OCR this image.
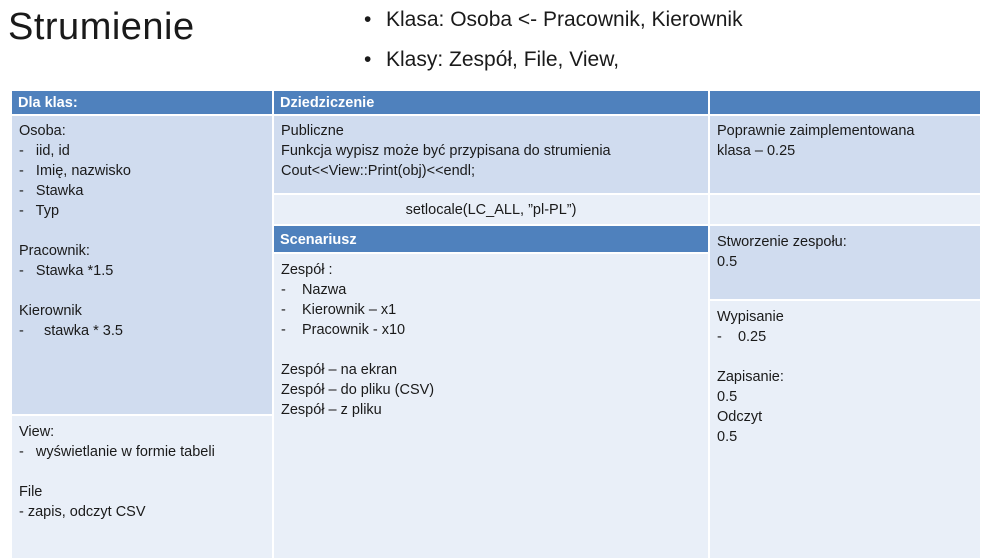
Strumienie
•	Klasa: Osoba <- Pracownik, Kierownik
• Klasy: Zespół, File, View,
Dla klas:	Dziedziczenie
Osoba:
-   iid, id
-   Imię, nazwisko
-   Stawka
-   Typ
Pracownik:
-   Stawka *1.5
Kierownik
-     stawka * 3.5
View:
-   wyświetlanie w formie tabeli
File
- zapis, odczyt CSV
Publiczne
Funkcja wypisz może być przypisana do strumienia
Cout<<View::Print(obj)<<endl;
setlocale(LC_ALL, ”pl-PL”)
Scenariusz
Zespół :
-    Nazwa
-    Kierownik – x1
-    Pracownik - x10
Zespół – na ekran
Zespół – do pliku (CSV)
Zespół – z pliku
Poprawnie zaimplementowana
klasa – 0.25
Stworzenie zespołu:
0.5
Wypisanie
-    0.25
Zapisanie:
0.5
Odczyt
0.5
